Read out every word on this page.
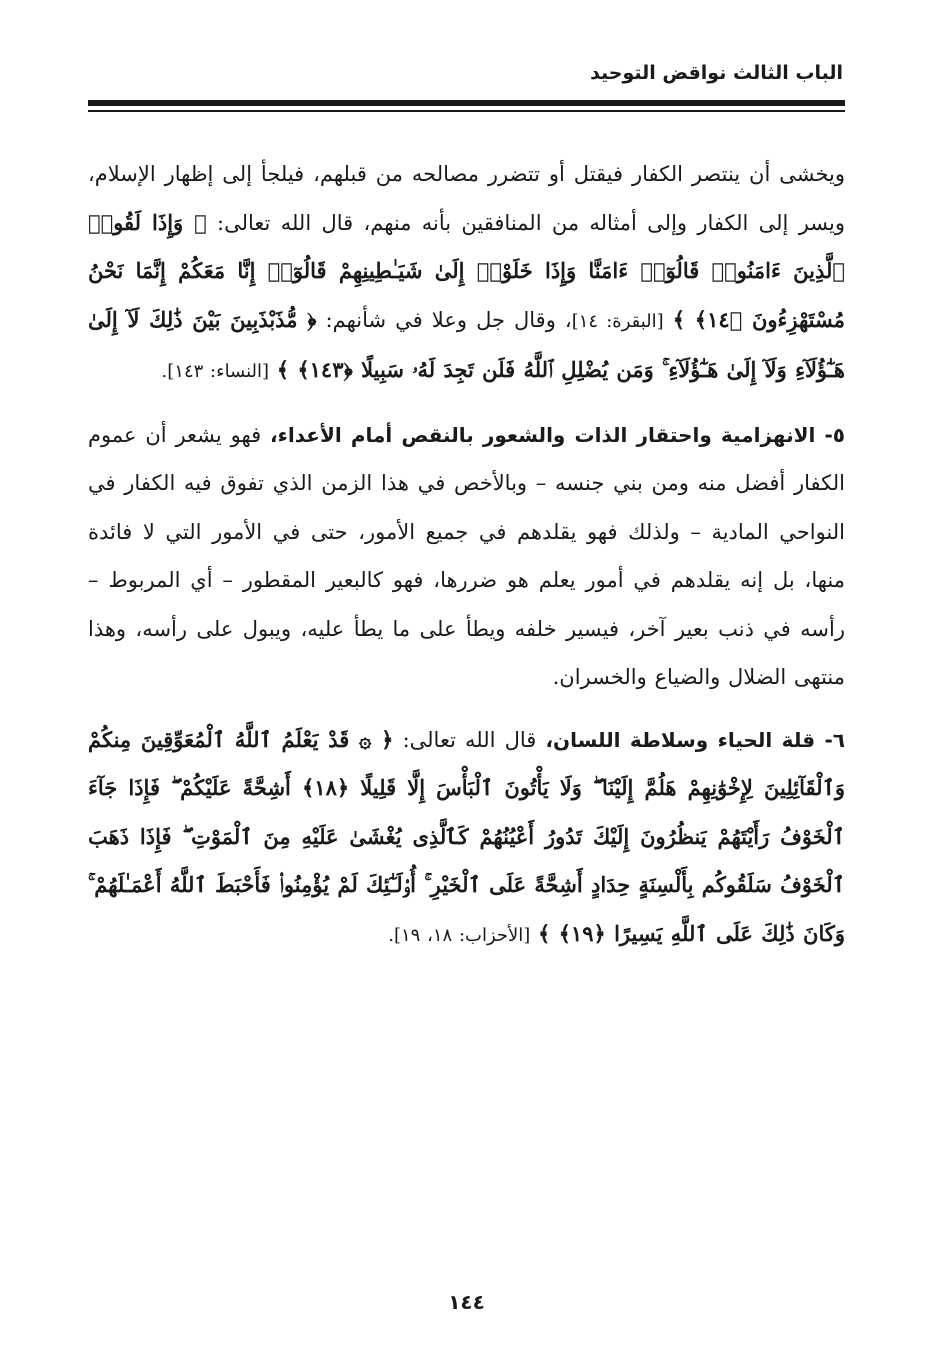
الباب الثالث نواقض التوحيد

ويخشى أن ينتصر الكفار فيقتل أو تتضرر مصالحه من قبلهم، فيلجأ إلى إظهار الإسلام، ويسر إلى الكفار وإلى أمثاله من المنافقين بأنه منهم، قال الله تعالى: ﴿ وَإِذَا لَقُوا۟ ٱلَّذِينَ ءَامَنُوا۟ قَالُوٓا۟ ءَامَنَّا وَإِذَا خَلَوْا۟ إِلَىٰ شَيَـٰطِينِهِمْ قَالُوٓا۟ إِنَّا مَعَكُمْ إِنَّمَا نَحْنُ مُسْتَهْزِءُونَ ﴿١٤﴾ ﴾ [البقرة: ١٤]، وقال جل وعلا في شأنهم: ﴿ مُّذَبْذَبِينَ بَيْنَ ذَٰلِكَ لَآ إِلَىٰ هَـٰٓؤُلَآءِ وَلَآ إِلَىٰ هَـٰٓؤُلَآءِ ۚ وَمَن يُضْلِلِ ٱللَّهُ فَلَن تَجِدَ لَهُۥ سَبِيلًا ﴿١٤٣﴾ ﴾ [النساء: ١٤٣].

٥- الانهزامية واحتقار الذات والشعور بالنقص أمام الأعداء، فهو يشعر أن عموم الكفار أفضل منه ومن بني جنسه – وبالأخص في هذا الزمن الذي تفوق فيه الكفار في النواحي المادية – ولذلك فهو يقلدهم في جميع الأمور، حتى في الأمور التي لا فائدة منها، بل إنه يقلدهم في أمور يعلم هو ضررها، فهو كالبعير المقطور – أي المربوط – رأسه في ذنب بعير آخر، فيسير خلفه ويطأ على ما يطأ عليه، ويبول على رأسه، وهذا منتهى الضلال والضياع والخسران.

٦- قلة الحياء وسلاطة اللسان، قال الله تعالى: ﴿ ۞ قَدْ يَعْلَمُ ٱللَّهُ ٱلْمُعَوِّقِينَ مِنكُمْ وَٱلْقَآئِلِينَ لِإِخْوَٰنِهِمْ هَلُمَّ إِلَيْنَا ۖ وَلَا يَأْتُونَ ٱلْبَأْسَ إِلَّا قَلِيلًا ﴿١٨﴾ أَشِحَّةً عَلَيْكُمْ ۖ فَإِذَا جَآءَ ٱلْخَوْفُ رَأَيْتَهُمْ يَنظُرُونَ إِلَيْكَ تَدُورُ أَعْيُنُهُمْ كَٱلَّذِى يُغْشَىٰ عَلَيْهِ مِنَ ٱلْمَوْتِ ۖ فَإِذَا ذَهَبَ ٱلْخَوْفُ سَلَقُوكُم بِأَلْسِنَةٍ حِدَادٍ أَشِحَّةً عَلَى ٱلْخَيْرِ ۚ أُو۟لَـٰٓئِكَ لَمْ يُؤْمِنُوا۟ فَأَحْبَطَ ٱللَّهُ أَعْمَـٰلَهُمْ ۚ وَكَانَ ذَٰلِكَ عَلَى ٱللَّهِ يَسِيرًا ﴿١٩﴾ ﴾ [الأحزاب: ١٨، ١٩].

١٤٤
